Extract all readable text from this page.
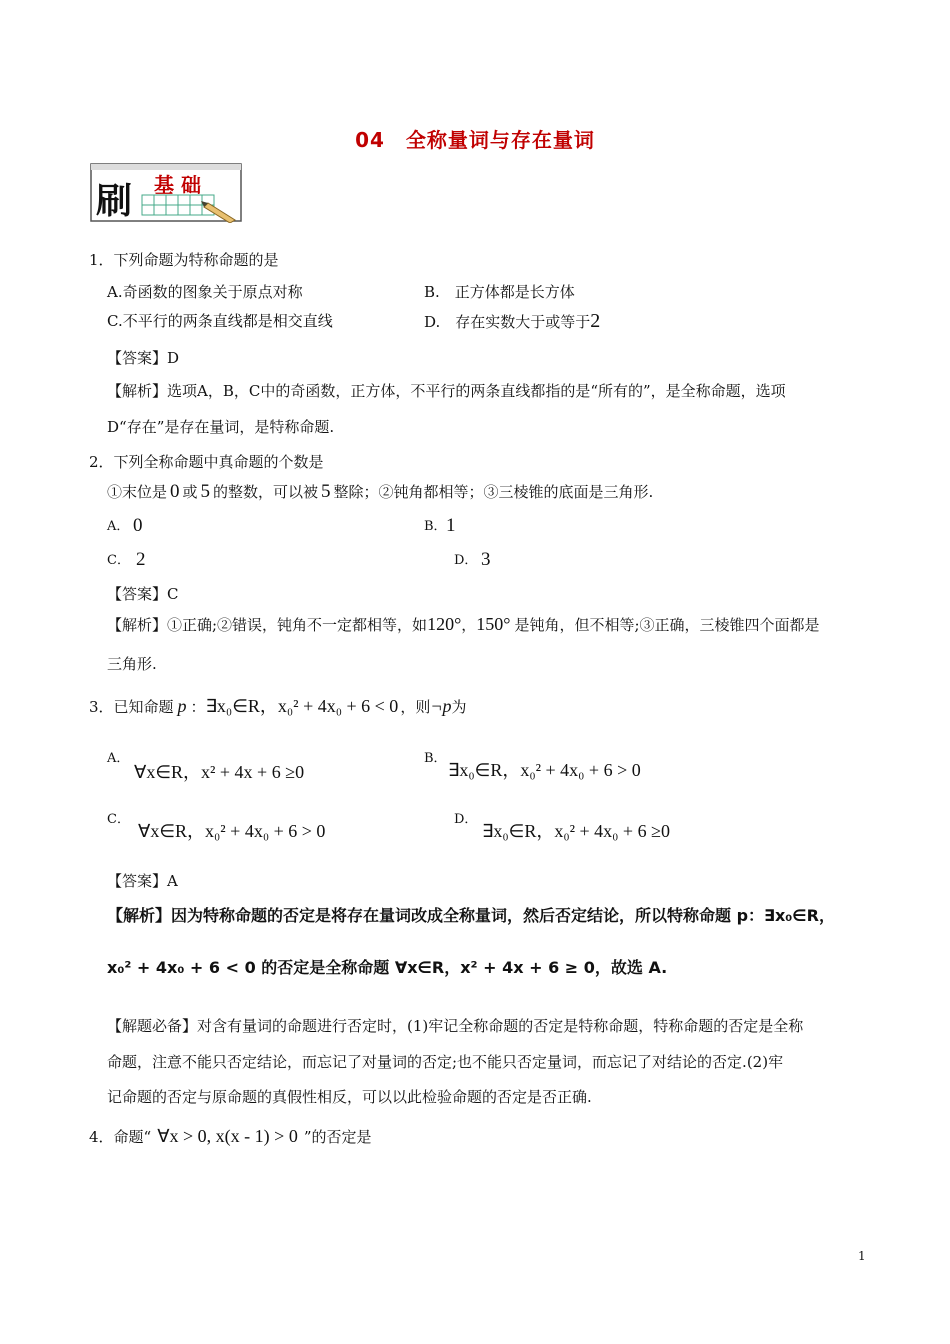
04　全称量词与存在量词
刷 基 础
1．下列命题为特称命题的是
A.奇函数的图象关于原点对称	B.　正方体都是长方体
C.不平行的两条直线都是相交直线	D.　存在实数大于或等于2
【答案】D
【解析】选项A，B，C中的奇函数，正方体，不平行的两条直线都指的是“所有的”，是全称命题，选项
D“存在”是存在量词，是特称命题.
2．下列全称命题中真命题的个数是
①末位是 0 或 5 的整数，可以被 5 整除；②钝角都相等；③三棱锥的底面是三角形.
A． 0	B． 1
C． 2	D． 3
【答案】C
【解析】①正确;②错误，钝角不一定都相等，如120°，150° 是钝角，但不相等;③正确，三棱锥四个面都是
三角形.
3．已知命题 p ：∃x₀∈R，x₀² + 4x₀ + 6 < 0 ，则¬p为
A．
∀x∈R，x² + 4x + 6 ≥0
B．
∃x₀∈R，x₀² + 4x₀ + 6 > 0
C．
∀x∈R，x₀² + 4x₀ + 6 > 0
D．
∃x₀∈R，x₀² + 4x₀ + 6 ≥0
【答案】A
【解析】因为特称命题的否定是将存在量词改成全称量词，然后否定结论，所以特称命题 p：∃x₀∈R，
x₀² + 4x₀ + 6 < 0 的否定是全称命题 ∀x∈R，x² + 4x + 6 ≥ 0，故选 A.
【解题必备】对含有量词的命题进行否定时，(1)牢记全称命题的否定是特称命题，特称命题的否定是全称
命题，注意不能只否定结论，而忘记了对量词的否定;也不能只否定量词，而忘记了对结论的否定.(2)牢
记命题的否定与原命题的真假性相反，可以以此检验命题的否定是否正确.
4．命题“ ∀x > 0, x(x - 1) > 0 ”的否定是
1
